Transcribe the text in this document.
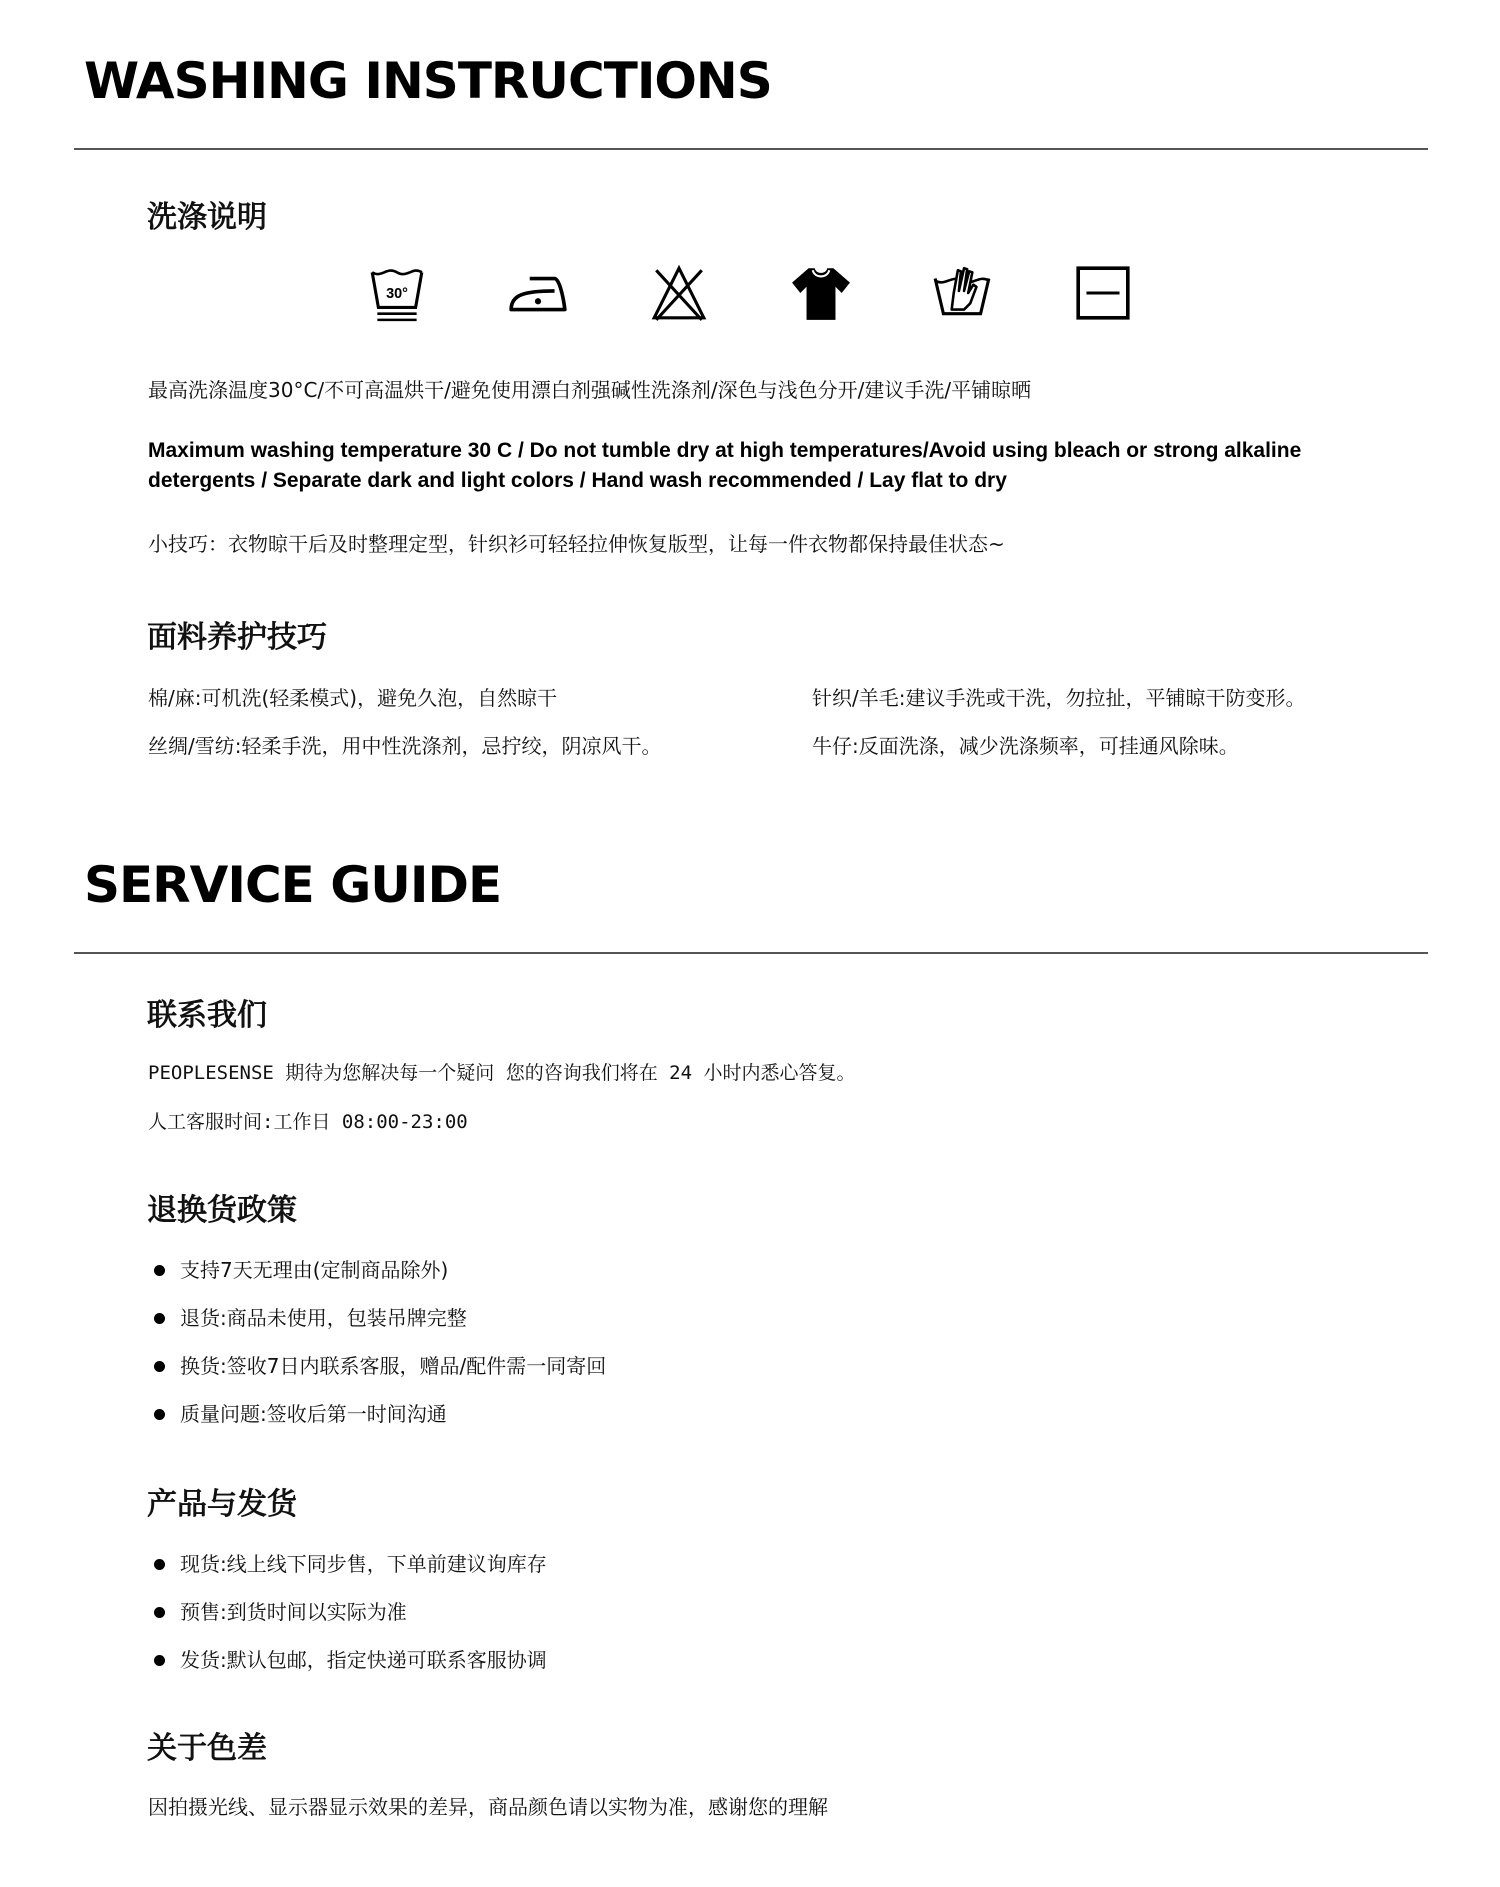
WASHING INSTRUCTIONS
洗涤说明
30°

最高洗涤温度30°C/不可高温烘干/避免使用漂白剂强碱性洗涤剂/深色与浅色分开/建议手洗/平铺晾晒

Maximum washing temperature 30 C / Do not tumble dry at high temperatures/Avoid using bleach or strong alkaline detergents / Separate dark and light colors / Hand wash recommended / Lay flat to dry

小技巧：衣物晾干后及时整理定型，针织衫可轻轻拉伸恢复版型，让每一件衣物都保持最佳状态~

面料养护技巧
棉/麻:可机洗(轻柔模式)，避免久泡，自然晾干	针织/羊毛:建议手洗或干洗，勿拉扯，平铺晾干防变形。
丝绸/雪纺:轻柔手洗，用中性洗涤剂，忌拧绞，阴凉风干。	牛仔:反面洗涤，减少洗涤频率，可挂通风除味。
SERVICE GUIDE
联系我们

PEOPLESENSE 期待为您解决每一个疑问 您的咨询我们将在 24 小时内悉心答复。

人工客服时间:工作日 08:00-23:00

退换货政策
支持7天无理由(定制商品除外)
退货:商品未使用，包装吊牌完整
换货:签收7日内联系客服，赠品/配件需一同寄回
质量问题:签收后第一时间沟通
产品与发货
现货:线上线下同步售，下单前建议询库存
预售:到货时间以实际为准
发货:默认包邮，指定快递可联系客服协调
关于色差

因拍摄光线、显示器显示效果的差异，商品颜色请以实物为准，感谢您的理解
